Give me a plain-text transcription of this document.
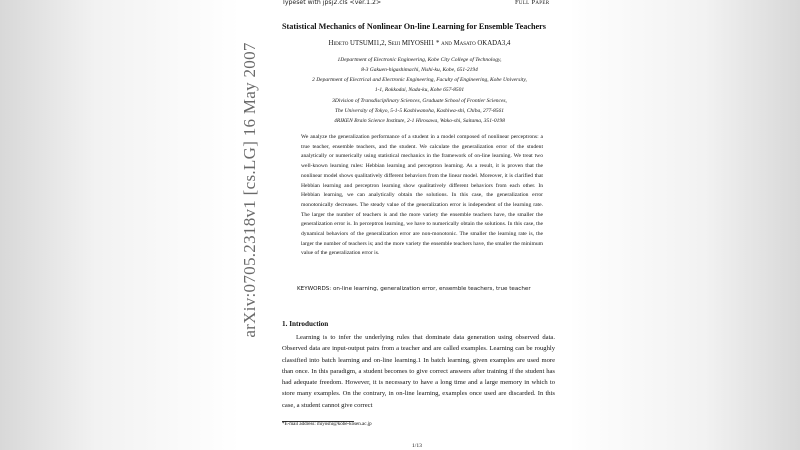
arXiv:0705.2318v1 [cs.LG] 16 May 2007
Typeset with jpsj2.cls <ver.1.2>	Full Paper
Statistical Mechanics of Nonlinear On-line Learning for Ensemble Teachers
Hideto UTSUMI1,2, Seiji MIYOSHI1 * and Masato OKADA3,4
1Department of Electronic Engineering, Kobe City College of Technology,
8-3 Gakuen-higashimachi, Nishi-ku, Kobe, 651-2194
2 Department of Electrical and Electronic Engineering, Faculty of Engineering, Kobe University,
1-1, Rokkodai, Nada-ku, Kobe 657-8501
3Division of Transdisciplinary Sciences, Graduate School of Frontier Sciences,
The University of Tokyo, 5-1-5 Kashiwanoha, Kashiwa-shi, Chiba, 277-8561
4RIKEN Brain Science Institute, 2-1 Hirosawa, Wako-shi, Saitama, 351-0198
We analyze the generalization performance of a student in a model composed of nonlinear perceptrons: a true teacher, ensemble teachers, and the student. We calculate the generalization error of the student analytically or numerically using statistical mechanics in the framework of on-line learning. We treat two well-known learning rules: Hebbian learning and perceptron learning. As a result, it is proven that the nonlinear model shows qualitatively different behaviors from the linear model. Moreover, it is clarified that Hebbian learning and perceptron learning show qualitatively different behaviors from each other. In Hebbian learning, we can analytically obtain the solutions. In this case, the generalization error monotonically decreases. The steady value of the generalization error is independent of the learning rate. The larger the number of teachers is and the more variety the ensemble teachers have, the smaller the generalization error is. In perceptron learning, we have to numerically obtain the solutions. In this case, the dynamical behaviors of the generalization error are non-monotonic. The smaller the learning rate is, the larger the number of teachers is; and the more variety the ensemble teachers have, the smaller the minimum value of the generalization error is.
KEYWORDS: on-line learning, generalization error, ensemble teachers, true teacher
1. Introduction
Learning is to infer the underlying rules that dominate data generation using observed data. Observed data are input-output pairs from a teacher and are called examples. Learning can be roughly classified into batch learning and on-line learning.1 In batch learning, given examples are used more than once. In this paradigm, a student becomes to give correct answers after training if the student has had adequate freedom. However, it is necessary to have a long time and a large memory in which to store many examples. On the contrary, in on-line learning, examples once used are discarded. In this case, a student cannot give correct
*E-mail address: miyoshi@kobe-kosen.ac.jp
1/13
